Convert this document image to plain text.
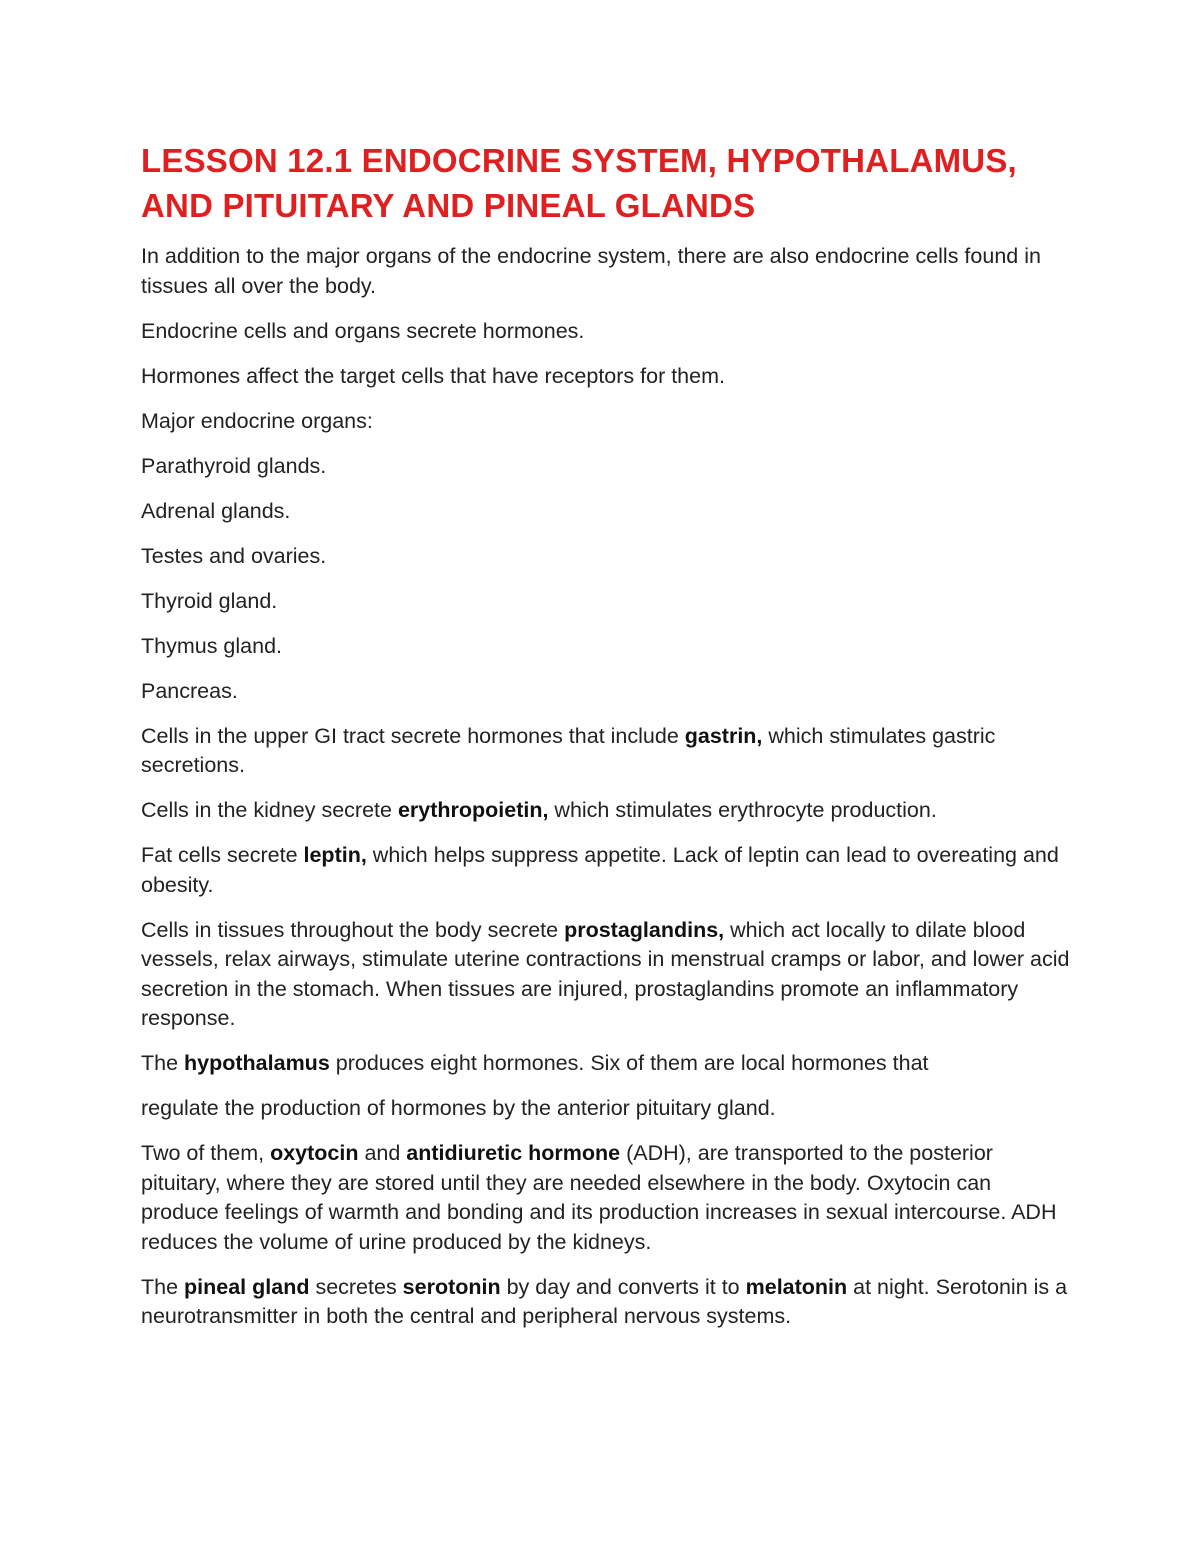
LESSON 12.1 ENDOCRINE SYSTEM, HYPOTHALAMUS, AND PITUITARY AND PINEAL GLANDS

In addition to the major organs of the endocrine system, there are also endocrine cells found in tissues all over the body.

Endocrine cells and organs secrete hormones.

Hormones affect the target cells that have receptors for them.

Major endocrine organs:

Parathyroid glands.

Adrenal glands.

Testes and ovaries.

Thyroid gland.

Thymus gland.

Pancreas.

Cells in the upper GI tract secrete hormones that include gastrin, which stimulates gastric secretions.

Cells in the kidney secrete erythropoietin, which stimulates erythrocyte production.

Fat cells secrete leptin, which helps suppress appetite. Lack of leptin can lead to overeating and obesity.

Cells in tissues throughout the body secrete prostaglandins, which act locally to dilate blood vessels, relax airways, stimulate uterine contractions in menstrual cramps or labor, and lower acid secretion in the stomach. When tissues are injured, prostaglandins promote an inflammatory response.

The hypothalamus produces eight hormones. Six of them are local hormones that

regulate the production of hormones by the anterior pituitary gland.

Two of them, oxytocin and antidiuretic hormone (ADH), are transported to the posterior pituitary, where they are stored until they are needed elsewhere in the body. Oxytocin can produce feelings of warmth and bonding and its production increases in sexual intercourse. ADH reduces the volume of urine produced by the kidneys.

The pineal gland secretes serotonin by day and converts it to melatonin at night. Serotonin is a neurotransmitter in both the central and peripheral nervous systems.
